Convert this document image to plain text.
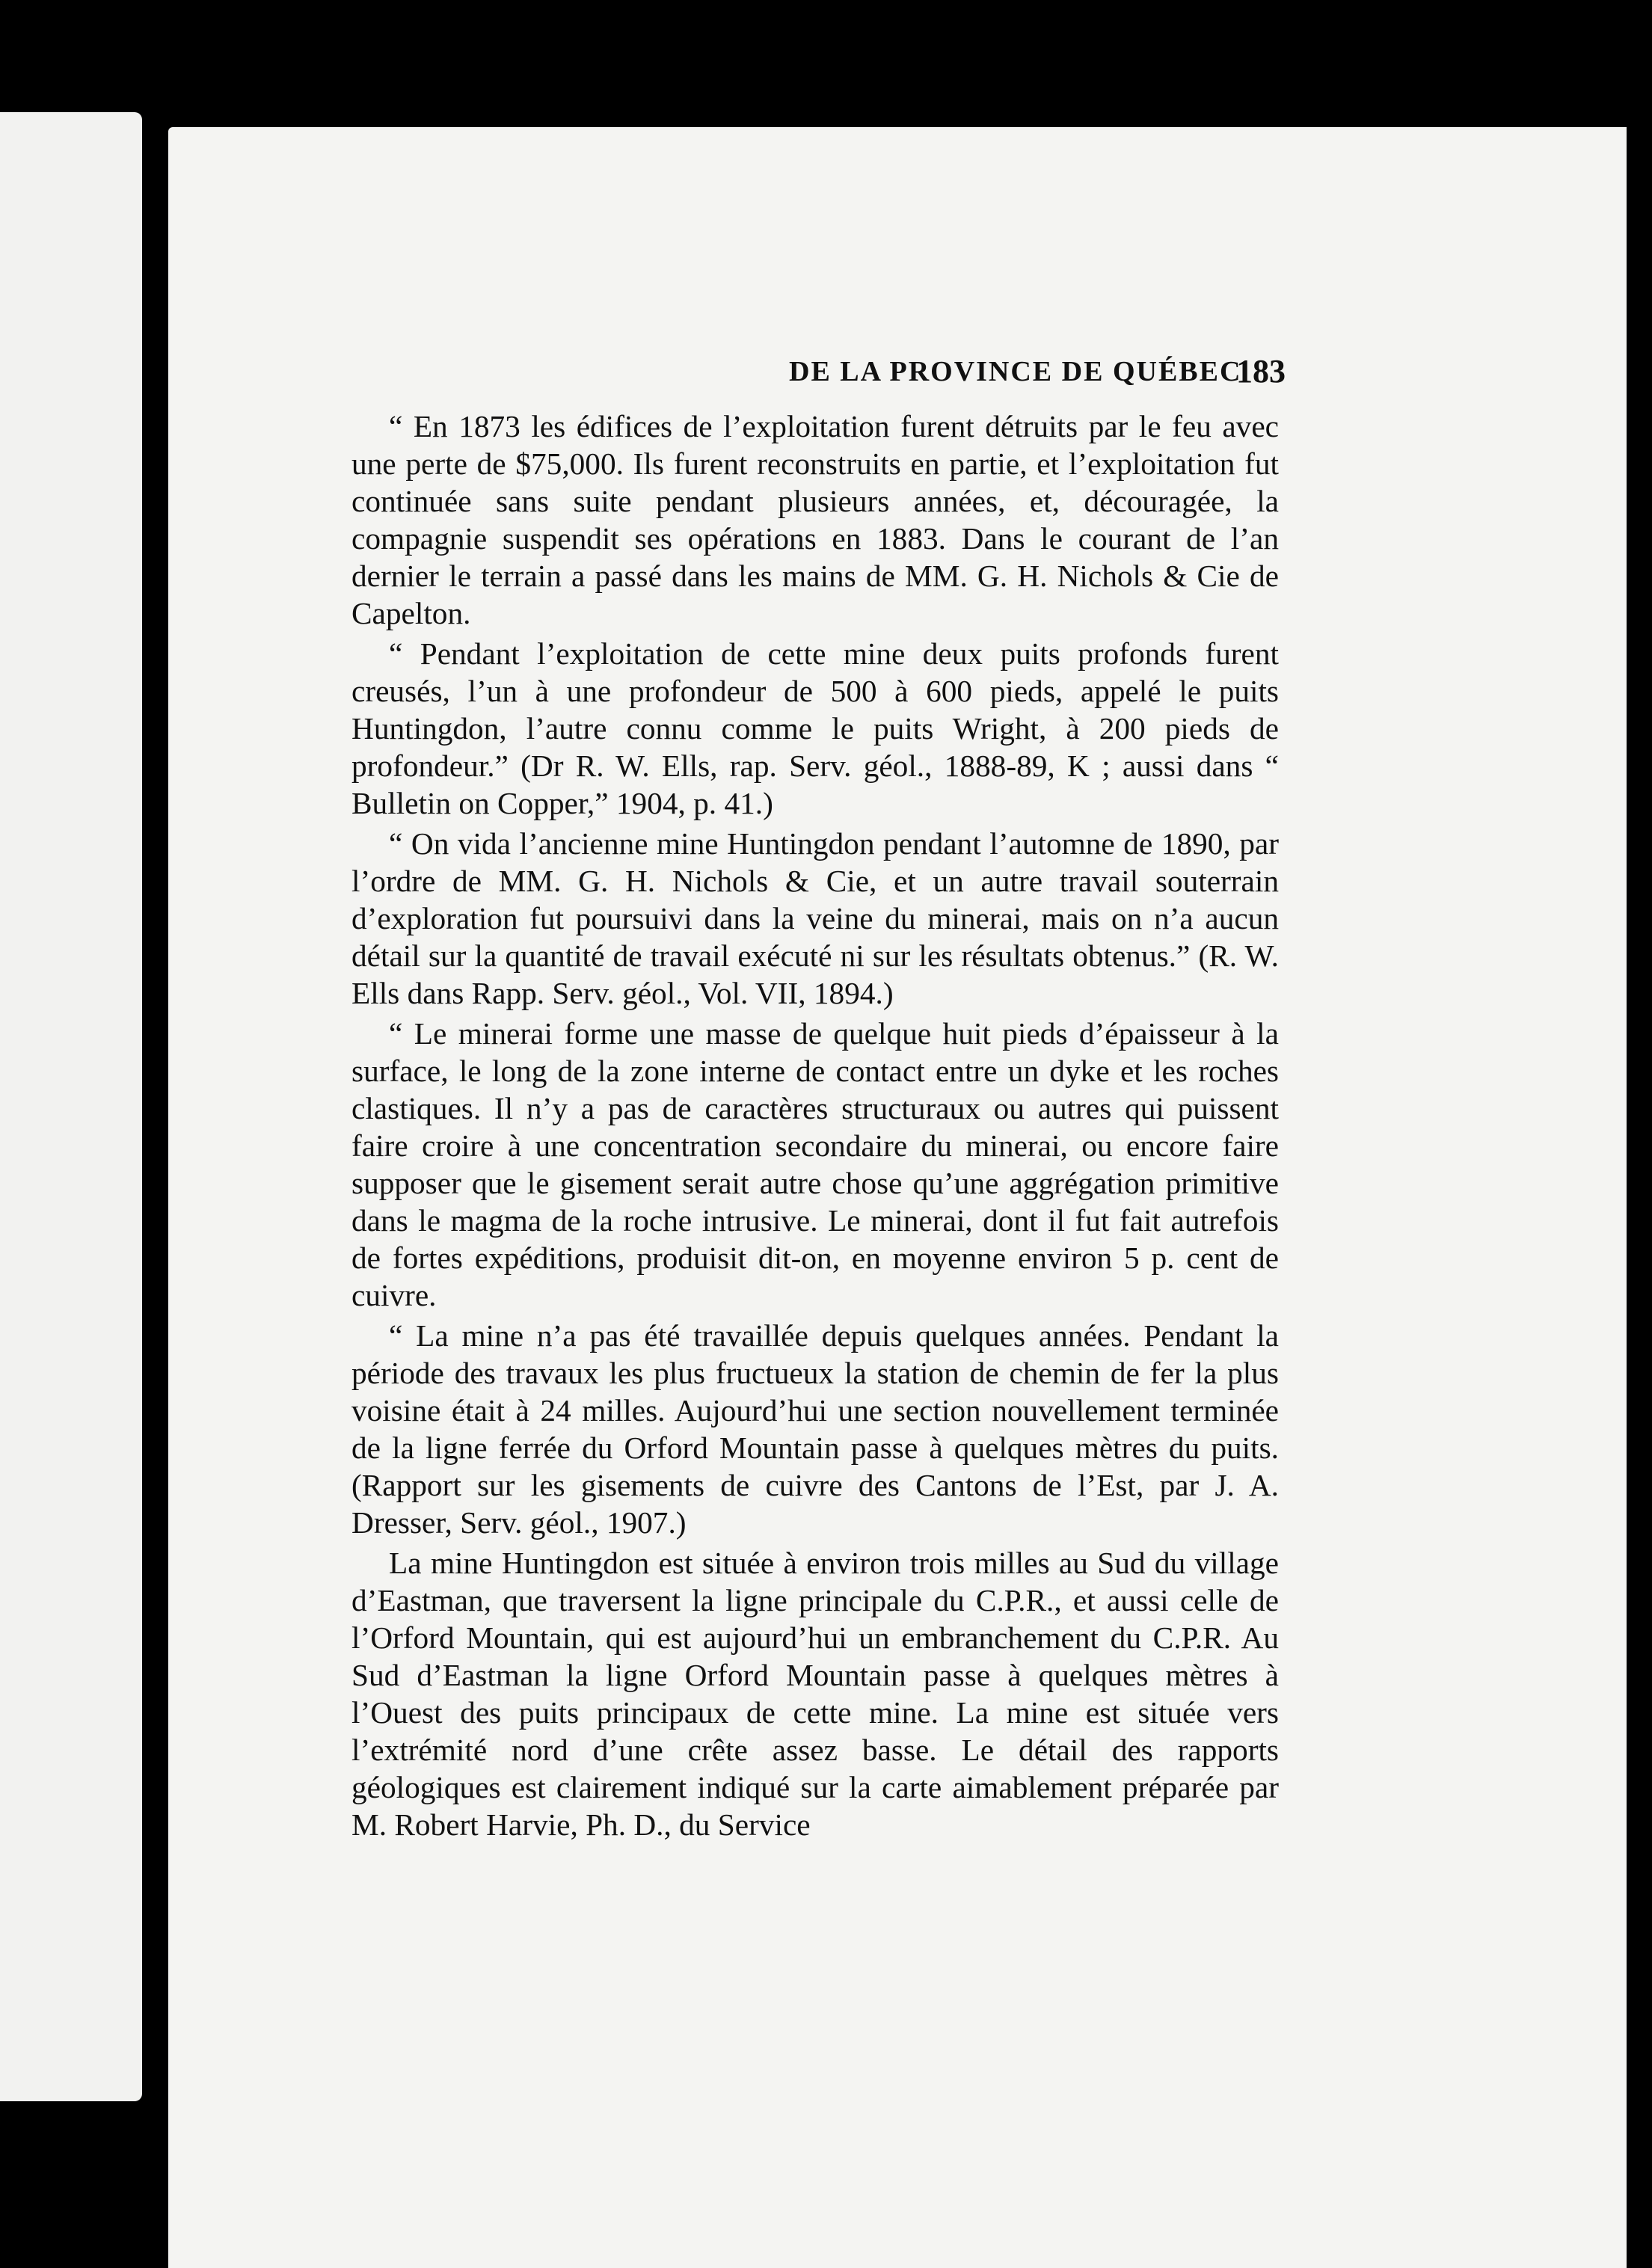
DE LA PROVINCE DE QUÉBEC
183

“ En 1873 les édifices de l’exploitation furent détruits par le feu avec une perte de $75,000. Ils furent reconstruits en partie, et l’exploitation fut continuée sans suite pendant plusieurs années, et, découragée, la compagnie suspendit ses opérations en 1883. Dans le courant de l’an dernier le terrain a passé dans les mains de MM. G. H. Nichols & Cie de Capelton.

“ Pendant l’exploitation de cette mine deux puits profonds furent creusés, l’un à une profondeur de 500 à 600 pieds, appelé le puits Huntingdon, l’autre connu comme le puits Wright, à 200 pieds de profondeur.” (Dr R. W. Ells, rap. Serv. géol., 1888-89, K ; aussi dans “ Bulletin on Copper,” 1904, p. 41.)

“ On vida l’ancienne mine Huntingdon pendant l’automne de 1890, par l’ordre de MM. G. H. Nichols & Cie, et un autre travail souterrain d’exploration fut poursuivi dans la veine du minerai, mais on n’a aucun détail sur la quantité de travail exécuté ni sur les résultats obtenus.” (R. W. Ells dans Rapp. Serv. géol., Vol. VII, 1894.)

“ Le minerai forme une masse de quelque huit pieds d’épaisseur à la surface, le long de la zone interne de contact entre un dyke et les roches clastiques. Il n’y a pas de caractères structuraux ou autres qui puissent faire croire à une concentration secondaire du minerai, ou encore faire supposer que le gisement serait autre chose qu’une aggrégation primitive dans le magma de la roche intrusive. Le minerai, dont il fut fait autrefois de fortes expéditions, produisit dit-on, en moyenne environ 5 p. cent de cuivre.

“ La mine n’a pas été travaillée depuis quelques années. Pendant la période des travaux les plus fructueux la station de chemin de fer la plus voisine était à 24 milles. Aujourd’hui une section nouvellement terminée de la ligne ferrée du Orford Mountain passe à quelques mètres du puits. (Rapport sur les gisements de cuivre des Cantons de l’Est, par J. A. Dresser, Serv. géol., 1907.)

La mine Huntingdon est située à environ trois milles au Sud du village d’Eastman, que traversent la ligne principale du C.P.R., et aussi celle de l’Orford Mountain, qui est aujourd’hui un embranchement du C.P.R. Au Sud d’Eastman la ligne Orford Mountain passe à quelques mètres à l’Ouest des puits principaux de cette mine. La mine est située vers l’extrémité nord d’une crête assez basse. Le détail des rapports géologiques est clairement indiqué sur la carte aimablement préparée par M. Robert Harvie, Ph. D., du Service
